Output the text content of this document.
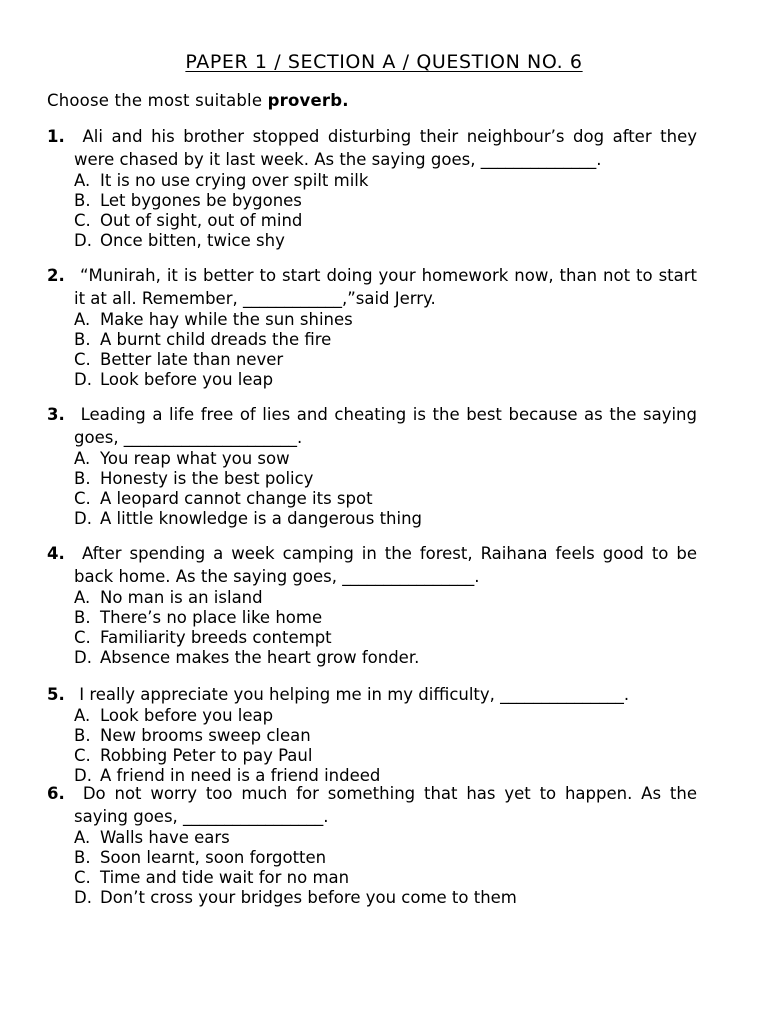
PAPER 1 / SECTION A / QUESTION NO. 6
Choose the most suitable proverb.
1. Ali and his brother stopped disturbing their neighbour’s dog after they were chased by it last week. As the saying goes, ______________.
A. It is no use crying over spilt milk
B. Let bygones be bygones
C. Out of sight, out of mind
D. Once bitten, twice shy
2. “Munirah, it is better to start doing your homework now, than not to start it at all. Remember, ____________,”said Jerry.
A. Make hay while the sun shines
B. A burnt child dreads the fire
C. Better late than never
D. Look before you leap
3. Leading a life free of lies and cheating is the best because as the saying goes, _____________________.
A. You reap what you sow
B. Honesty is the best policy
C. A leopard cannot change its spot
D. A little knowledge is a dangerous thing
4. After spending a week camping in the forest, Raihana feels good to be back home. As the saying goes, ________________.
A. No man is an island
B. There’s no place like home
C. Familiarity breeds contempt
D. Absence makes the heart grow fonder.
5. I really appreciate you helping me in my difficulty, _______________.
A. Look before you leap
B. New brooms sweep clean
C. Robbing Peter to pay Paul
D. A friend in need is a friend indeed
6. Do not worry too much for something that has yet to happen. As the saying goes, _________________.
A. Walls have ears
B. Soon learnt, soon forgotten
C. Time and tide wait for no man
D. Don’t cross your bridges before you come to them
